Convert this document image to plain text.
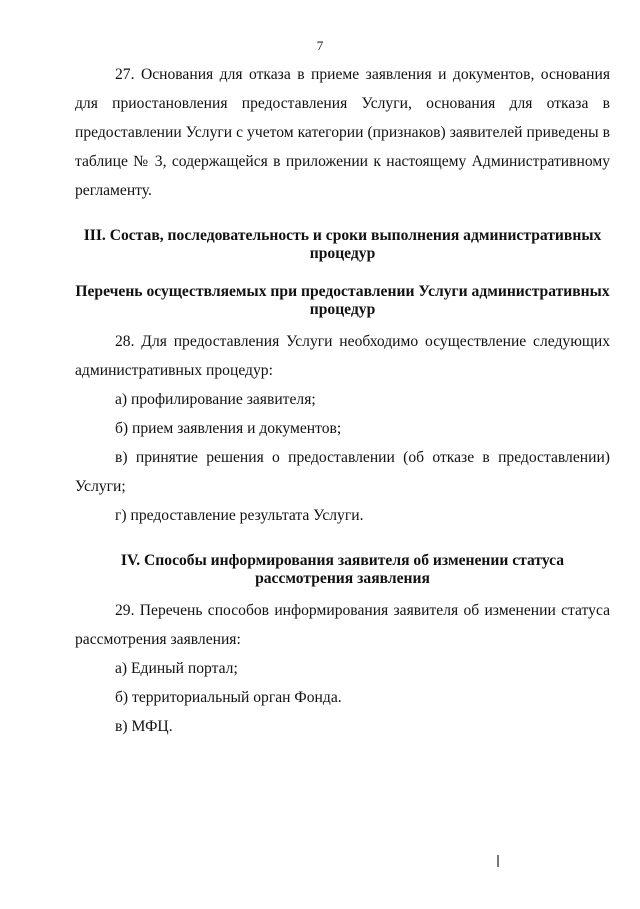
7

27. Основания для отказа в приеме заявления и документов, основания для приостановления предоставления Услуги, основания для отказа в предоставлении Услуги с учетом категории (признаков) заявителей приведены в таблице № 3, содержащейся в приложении к настоящему Административному регламенту.

III. Состав, последовательность и сроки выполнения административных процедур
Перечень осуществляемых при предоставлении Услуги административных процедур

28. Для предоставления Услуги необходимо осуществление следующих административных процедур:

а) профилирование заявителя;

б) прием заявления и документов;

в) принятие решения о предоставлении (об отказе в предоставлении) Услуги;

г) предоставление результата Услуги.

IV. Способы информирования заявителя об изменении статуса рассмотрения заявления

29. Перечень способов информирования заявителя об изменении статуса рассмотрения заявления:

а) Единый портал;

б) территориальный орган Фонда.

в) МФЦ.
